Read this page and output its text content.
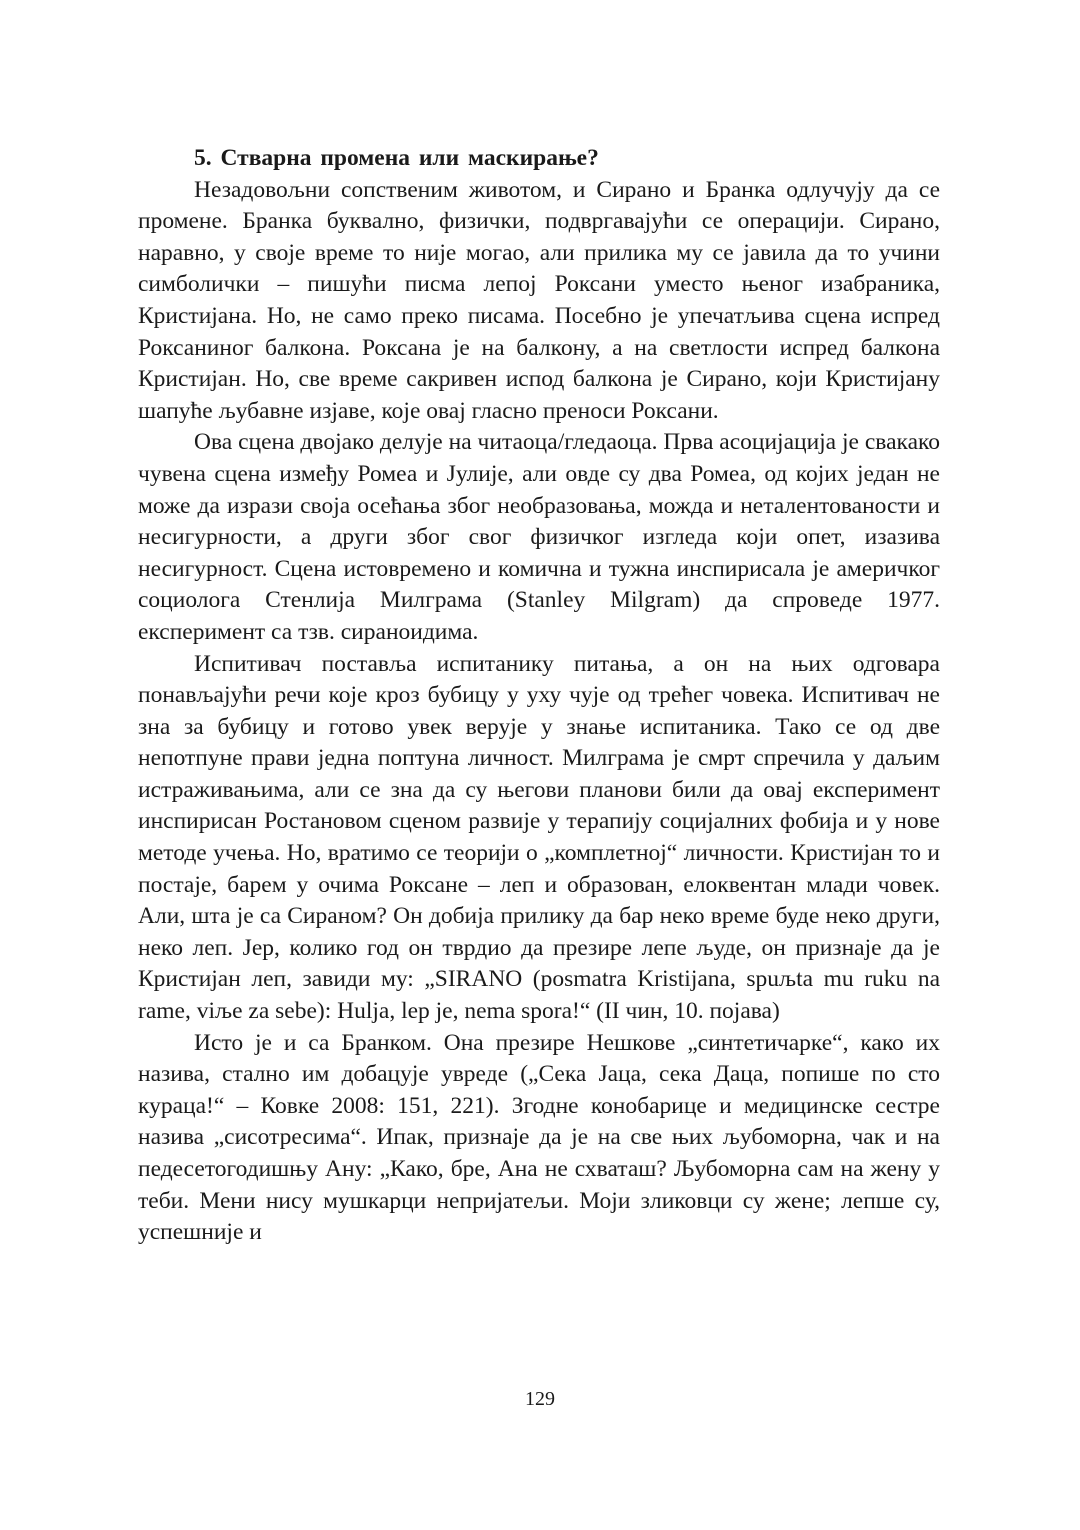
5. Стварна промена или маскирање?

Незадовољни сопственим животом, и Сирано и Бранка одлучују да се промене. Бранка буквално, физички, подвргавајући се операцији. Сирано, наравно, у своје време то није могао, али прилика му се јавила да то учини симболички – пишући писма лепој Роксани уместо њеног изабраника, Кристијана. Но, не само преко писама. Посебно је упечатљива сцена испред Роксаниног балкона. Роксана је на балкону, а на светлости испред балкона Кристијан. Но, све време сакривен испод балкона је Сирано, који Кристијану шапуће љубавне изјаве, које овај гласно преноси Роксани.

Ова сцена двојако делује на читаоца/гледаоца. Прва асоцијација је свакако чувена сцена између Ромеа и Јулије, али овде су два Ромеа, од којих један не може да изрази своја осећања због необразовања, можда и неталентованости и несигурности, а други због свог физичког изгледа који опет, изазива несигурност. Сцена истовремено и комична и тужна инспирисала је америчког социолога Стенлија Милграма (Stanley Milgram) да спроведе 1977. експеримент са тзв. сираноидима.

Испитивач поставља испитанику питања, а он на њих одговара понављајући речи које кроз бубицу у уху чује од трећег човека. Испитивач не зна за бубицу и готово увек верује у знање испитаника. Тако се од две непотпуне прави једна поптуна личност. Милграма је смрт спречила у даљим истраживањима, али се зна да су његови планови били да овај експеримент инспирисан Ростановом сценом развије у терапију социјалних фобија и у нове методе учења. Но, вратимо се теорији о „комплетној“ личности. Кристијан то и постаје, барем у очима Роксане – леп и образован, елоквентан млади човек. Али, шта је са Сираном? Он добија прилику да бар неко време буде неко други, неко леп. Јер, колико год он тврдио да презире лепе људе, он признаје да је Кристијан леп, завиди му: „SIRANO (posmatra Kristijana, spuљta mu ruku na rame, viљe za sebe): Hulja, lep je, nema spora!“ (II чин, 10. појава)

Исто је и са Бранком. Она презире Нешкове „синтетичарке“, како их назива, стално им добацује увреде („Сека Јаца, сека Даца, попише по сто кураца!“ – Ковке 2008: 151, 221). Згодне конобарице и медицинске сестре назива „сисотресима“. Ипак, признаје да је на све њих љубоморна, чак и на педесетогодишњу Ану: „Како, бре, Ана не схваташ? Љубоморна сам на жену у теби. Мени нису мушкарци непријатељи. Моји зликовци су жене; лепше су, успешније и

129
